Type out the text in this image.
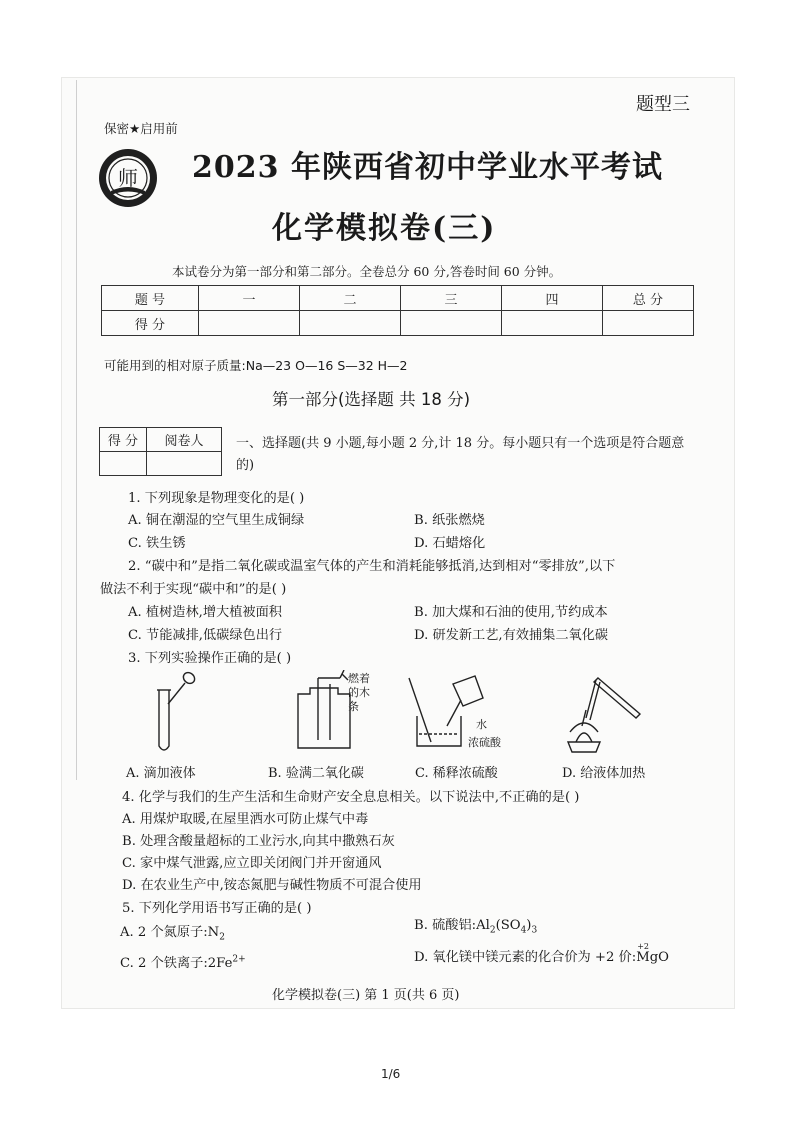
题型三
保密★启用前
师 2023 年陕西省初中学业水平考试
化学模拟卷(三)
本试卷分为第一部分和第二部分。全卷总分 60 分,答卷时间 60 分钟。
题 号	一	二	三	四	总 分
得 分					
可能用到的相对原子质量:Na—23 O—16 S—32 H—2
第一部分(选择题 共 18 分)
得 分	阅卷人
		一、选择题(共 9 小题,每小题 2 分,计 18 分。每小题只有一个选项是符合题意的)
1. 下列现象是物理变化的是( )
A. 铜在潮湿的空气里生成铜绿	B. 纸张燃烧
C. 铁生锈	D. 石蜡熔化
2. “碳中和”是指二氧化碳或温室气体的产生和消耗能够抵消,达到相对“零排放”,以下
做法不利于实现“碳中和”的是( )
A. 植树造林,增大植被面积	B. 加大煤和石油的使用,节约成本
C. 节能减排,低碳绿色出行	D. 研发新工艺,有效捕集二氧化碳
3. 下列实验操作正确的是( )
燃着
的木
条
水
浓硫酸
A. 滴加液体	B. 验满二氧化碳	C. 稀释浓硫酸	D. 给液体加热
4. 化学与我们的生产生活和生命财产安全息息相关。以下说法中,不正确的是( )
A. 用煤炉取暖,在屋里洒水可防止煤气中毒
B. 处理含酸量超标的工业污水,向其中撒熟石灰
C. 家中煤气泄露,应立即关闭阀门并开窗通风
D. 在农业生产中,铵态氮肥与碱性物质不可混合使用
5. 下列化学用语书写正确的是( )
A. 2 个氮原子$:N_2$
B. 硫酸铝$:Al_2(SO_4)_3$
C. 2 个铁离子$:2Fe^{2+}$	D. 氧化镁中镁元素的化合价为 +2 价:
+2
MgO
化学模拟卷(三) 第 1 页(共 6 页)
1/6
